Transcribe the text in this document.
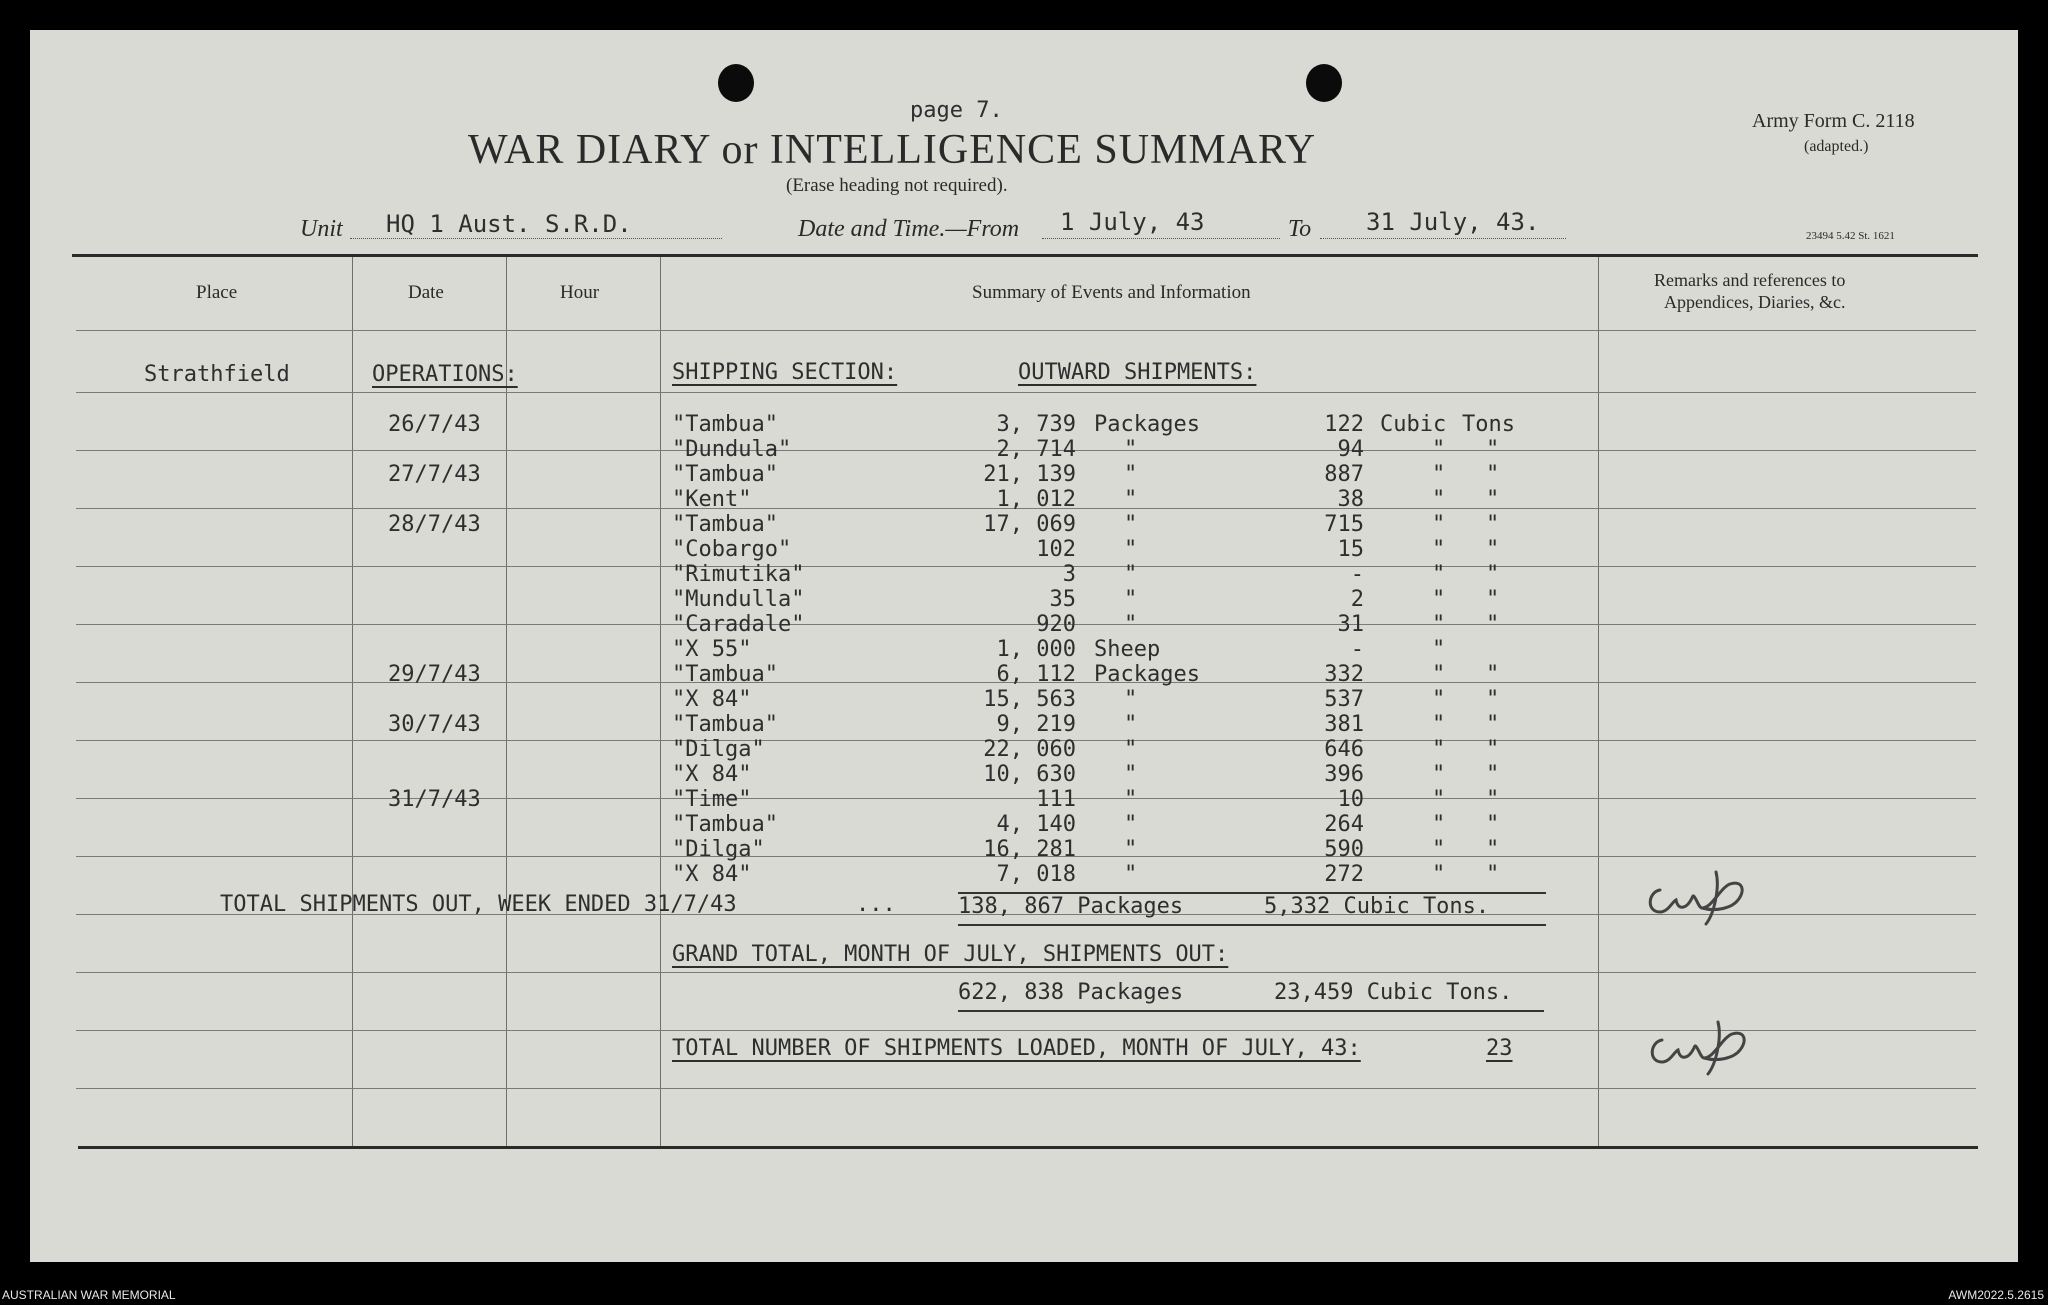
page 7.
WAR DIARY or INTELLIGENCE SUMMARY
(Erase heading not required).
Army Form C. 2118
(adapted.)
23494 5.42 St. 1621
Unit HQ 1 Aust. S.R.D.	Date and Time.—From 1 July, 43	To 31 July, 43.
Place	Date	Hour	Summary of Events and Information
Remarks and references to
Appendices, Diaries, &c.
Strathfield	OPERATIONS:	SHIPPING SECTION:	OUTWARD SHIPMENTS:
26/7/43	"Tambua"	3, 739 Packages	122 Cubic Tons
"Dundula"	2, 714 "	94	" "
27/7/43	"Tambua"	21, 139 "	887	" "
"Kent"	1, 012 "	38	" "
28/7/43	"Tambua"	17, 069 "	715	" "
"Cobargo"	102 "	15	" "
"Rimutika"	3 "	-	" "
"Mundulla"	35 "	2	" "
"Caradale"	920 "	31	" "
"X 55"	1, 000 Sheep	-	"
29/7/43	"Tambua"	6, 112 Packages	332	" "
"X 84"	15, 563 "	537	" "
30/7/43	"Tambua"	9, 219 "	381	" "
"Dilga"	22, 060 "	646	" "
"X 84"	10, 630 "	396	" "
31/7/43	"Time"	111 "	10	" "
"Tambua"	4, 140 "	264	" "
"Dilga"	16, 281 "	590	" "
"X 84"	7, 018 "	272	" "
TOTAL SHIPMENTS OUT, WEEK ENDED 31/7/43	...	138, 867 Packages	5,332 Cubic Tons.
GRAND TOTAL, MONTH OF JULY, SHIPMENTS OUT:
622, 838 Packages	23,459 Cubic Tons.
TOTAL NUMBER OF SHIPMENTS LOADED, MONTH OF JULY, 43:	23
AUSTRALIAN WAR MEMORIAL	AWM2022.5.2615
